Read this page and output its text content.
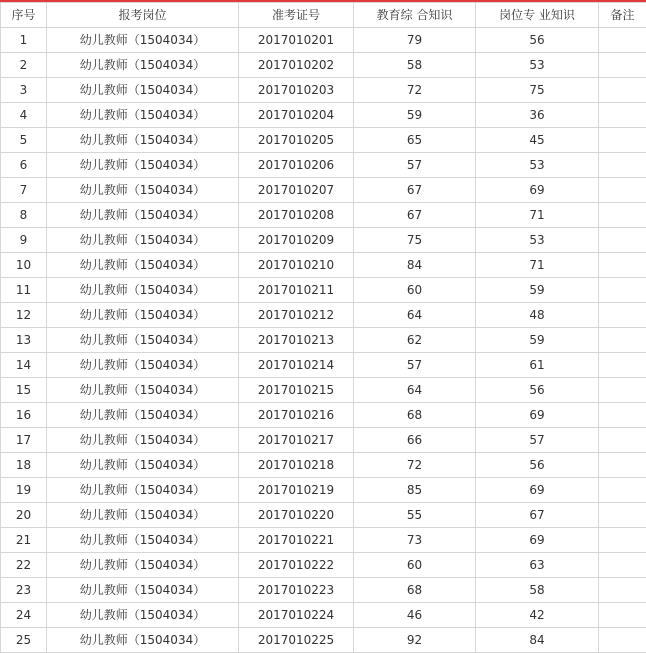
序号	报考岗位	准考证号	教育综 合知识	岗位专 业知识	备注
1	幼儿教师（1504034）	2017010201	79	56	
2	幼儿教师（1504034）	2017010202	58	53	
3	幼儿教师（1504034）	2017010203	72	75	
4	幼儿教师（1504034）	2017010204	59	36	
5	幼儿教师（1504034）	2017010205	65	45	
6	幼儿教师（1504034）	2017010206	57	53	
7	幼儿教师（1504034）	2017010207	67	69	
8	幼儿教师（1504034）	2017010208	67	71	
9	幼儿教师（1504034）	2017010209	75	53	
10	幼儿教师（1504034）	2017010210	84	71	
11	幼儿教师（1504034）	2017010211	60	59	
12	幼儿教师（1504034）	2017010212	64	48	
13	幼儿教师（1504034）	2017010213	62	59	
14	幼儿教师（1504034）	2017010214	57	61	
15	幼儿教师（1504034）	2017010215	64	56	
16	幼儿教师（1504034）	2017010216	68	69	
17	幼儿教师（1504034）	2017010217	66	57	
18	幼儿教师（1504034）	2017010218	72	56	
19	幼儿教师（1504034）	2017010219	85	69	
20	幼儿教师（1504034）	2017010220	55	67	
21	幼儿教师（1504034）	2017010221	73	69	
22	幼儿教师（1504034）	2017010222	60	63	
23	幼儿教师（1504034）	2017010223	68	58	
24	幼儿教师（1504034）	2017010224	46	42	
25	幼儿教师（1504034）	2017010225	92	84	
